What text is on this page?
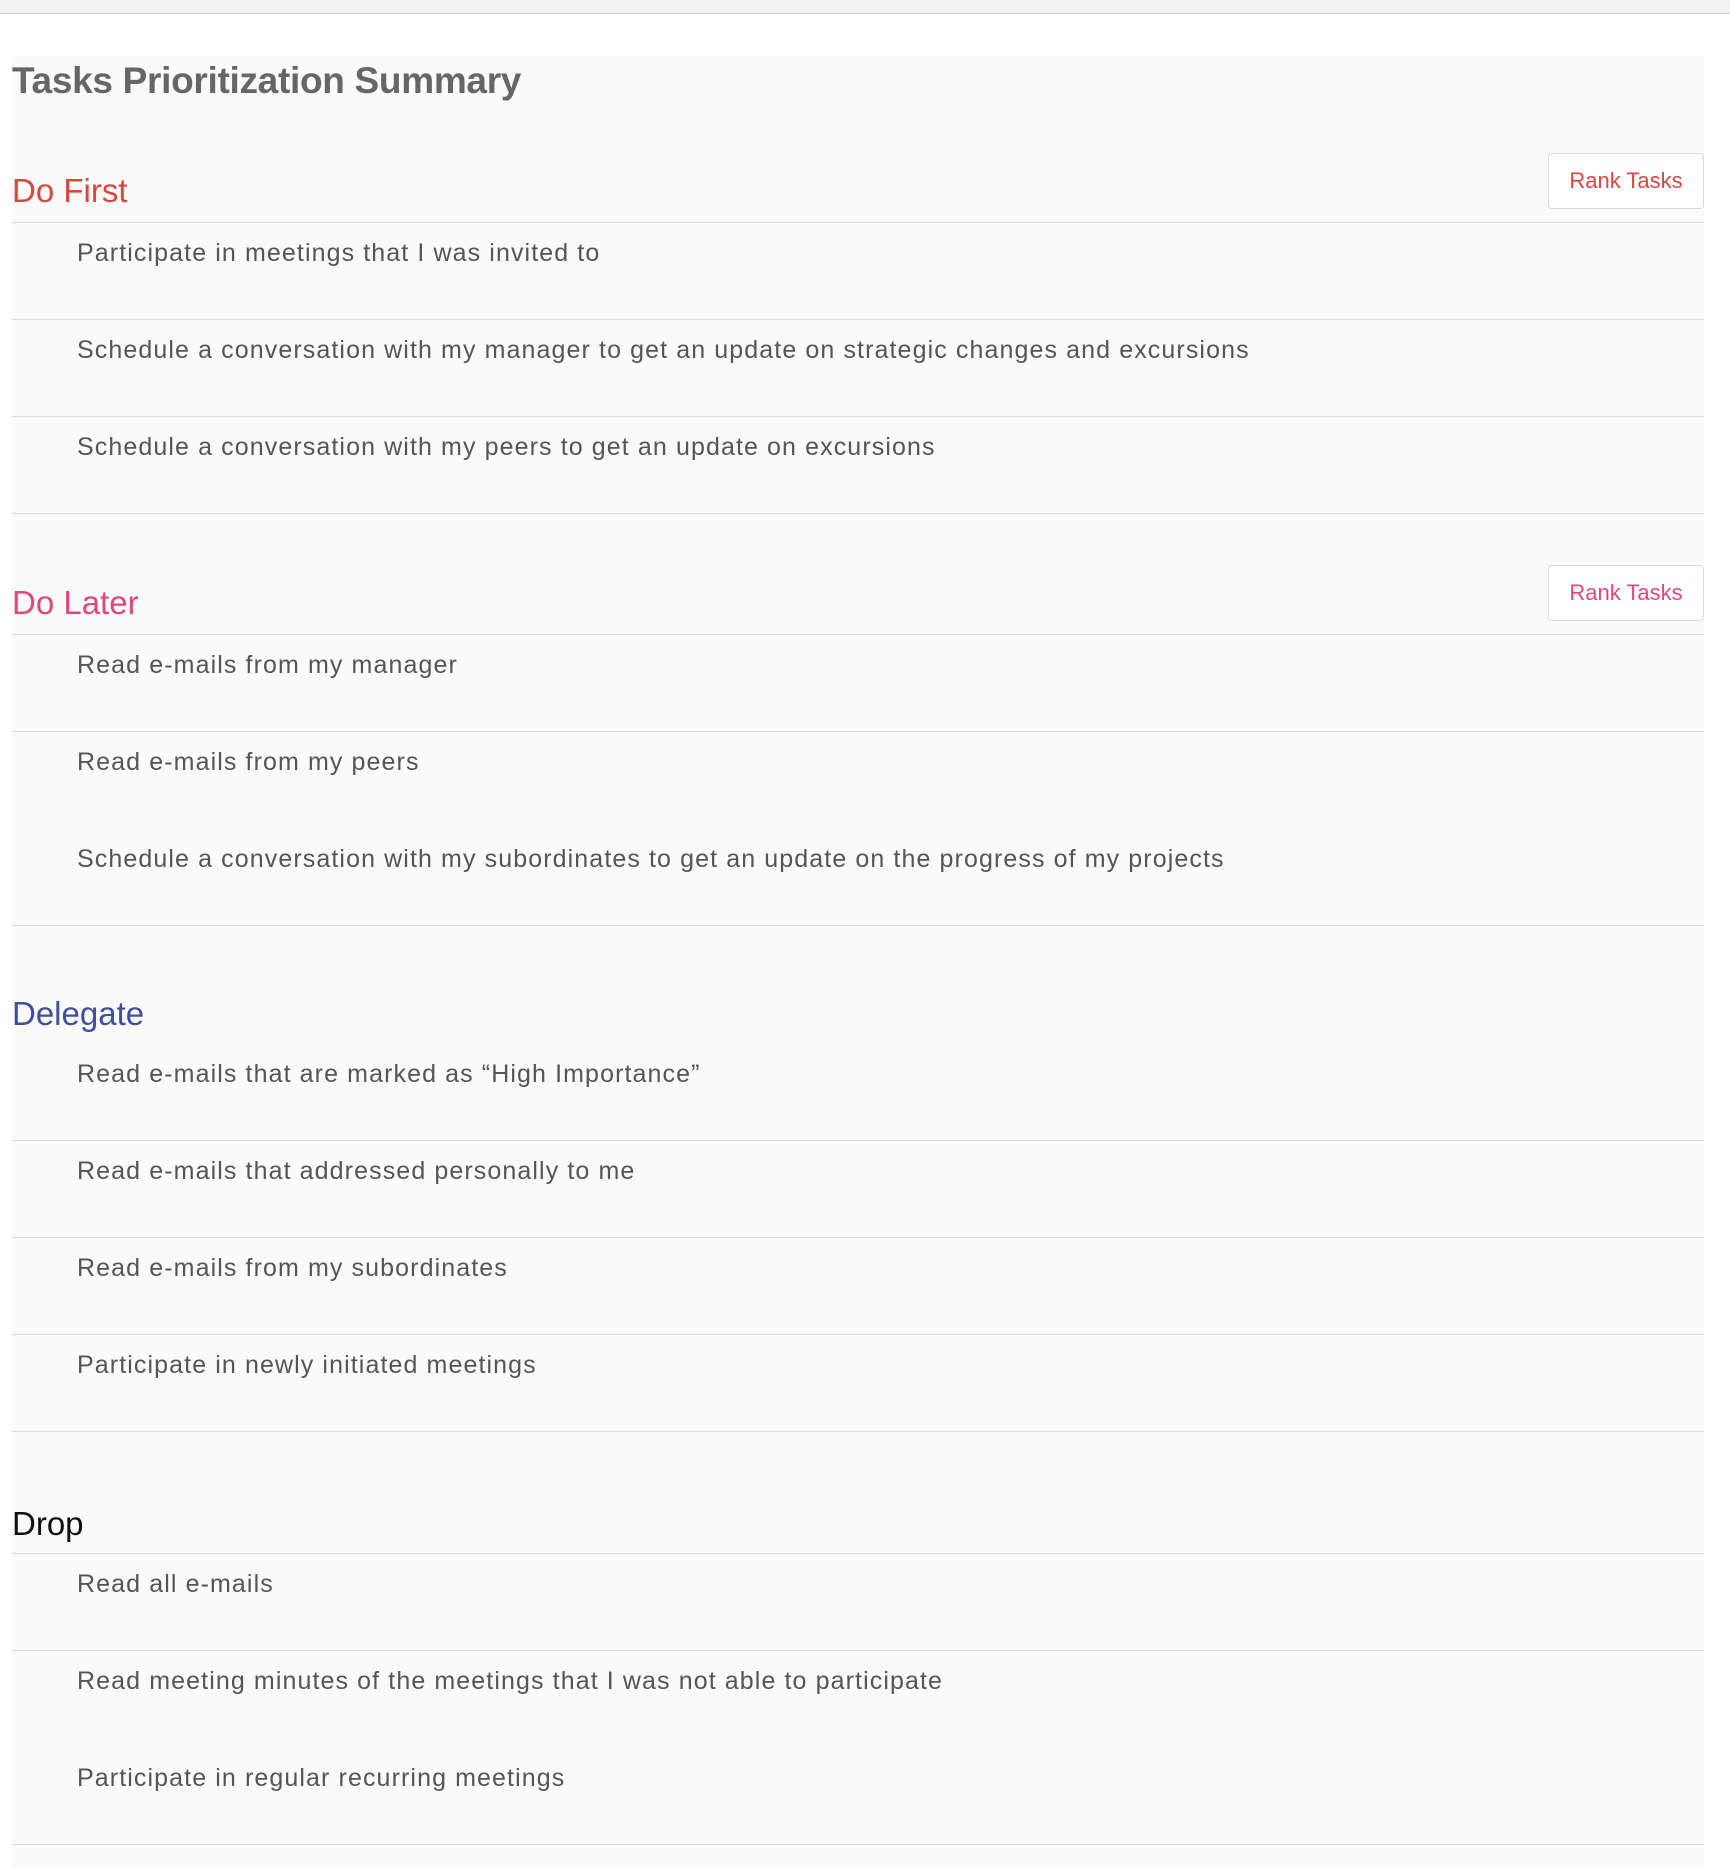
Tasks Prioritization Summary
Do First	Rank Tasks
Participate in meetings that I was invited to
Schedule a conversation with my manager to get an update on strategic changes and excursions
Schedule a conversation with my peers to get an update on excursions
Do Later	Rank Tasks
Read e-mails from my manager
Read e-mails from my peers
Schedule a conversation with my subordinates to get an update on the progress of my projects
Delegate
Read e-mails that are marked as “High Importance”
Read e-mails that addressed personally to me
Read e-mails from my subordinates
Participate in newly initiated meetings
Drop
Read all e-mails
Read meeting minutes of the meetings that I was not able to participate
Participate in regular recurring meetings
